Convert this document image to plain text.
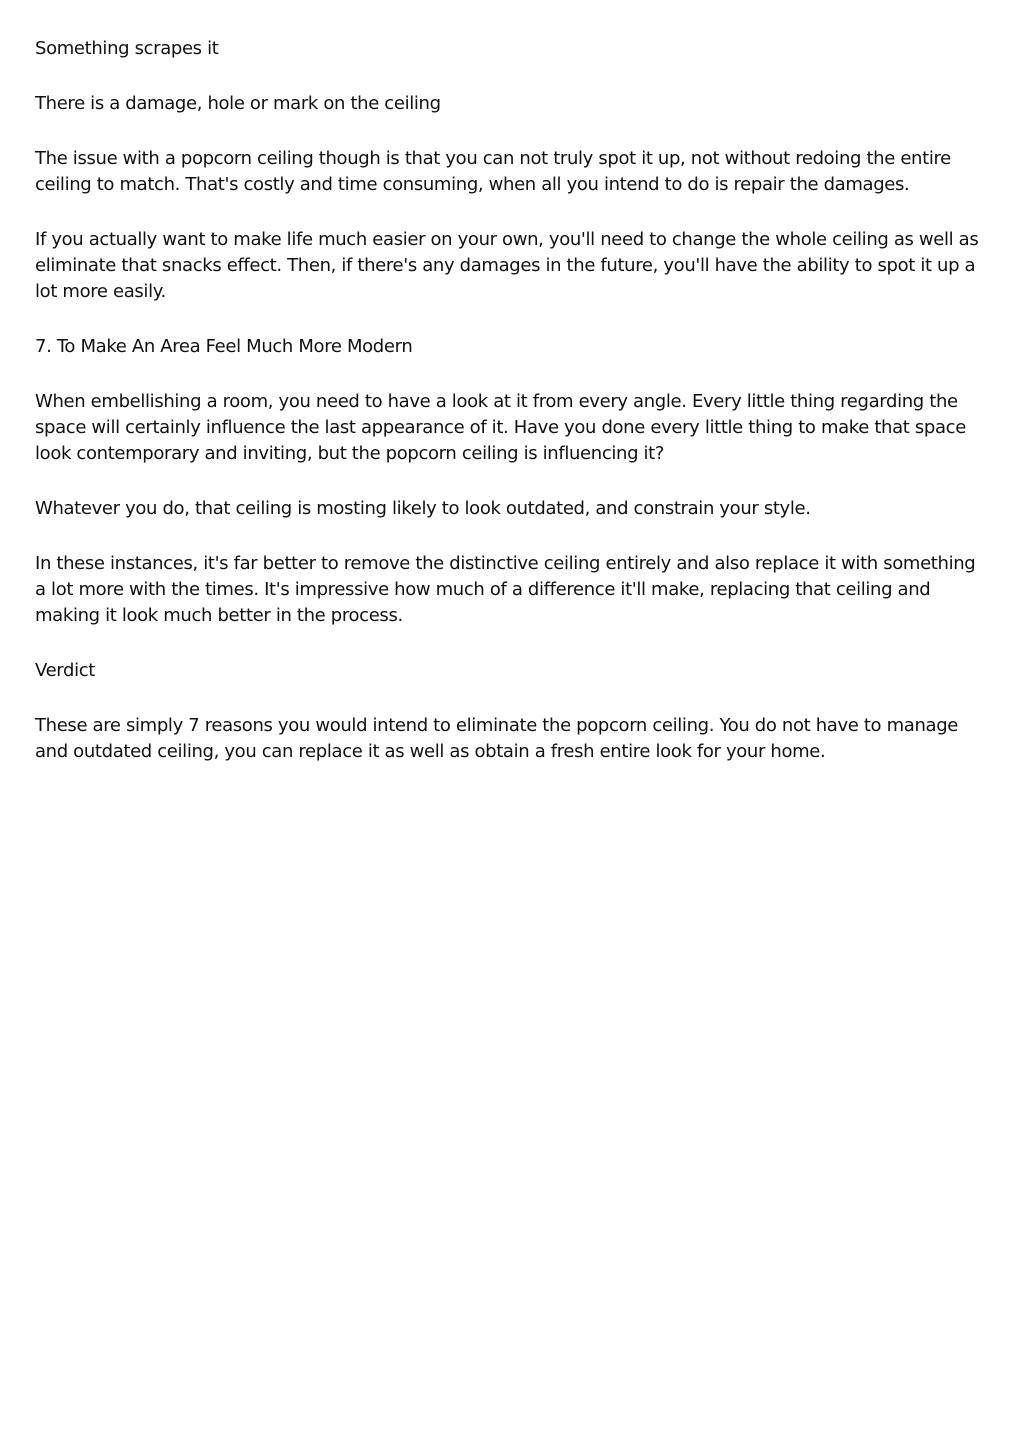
Something scrapes it

There is a damage, hole or mark on the ceiling

The issue with a popcorn ceiling though is that you can not truly spot it up, not without redoing the entire ceiling to match. That's costly and time consuming, when all you intend to do is repair the damages.

If you actually want to make life much easier on your own, you'll need to change the whole ceiling as well as eliminate that snacks effect. Then, if there's any damages in the future, you'll have the ability to spot it up a lot more easily.

7. To Make An Area Feel Much More Modern

When embellishing a room, you need to have a look at it from every angle. Every little thing regarding the space will certainly influence the last appearance of it. Have you done every little thing to make that space look contemporary and inviting, but the popcorn ceiling is influencing it?

Whatever you do, that ceiling is mosting likely to look outdated, and constrain your style.

In these instances, it's far better to remove the distinctive ceiling entirely and also replace it with something a lot more with the times. It's impressive how much of a difference it'll make, replacing that ceiling and making it look much better in the process.

Verdict

These are simply 7 reasons you would intend to eliminate the popcorn ceiling. You do not have to manage and outdated ceiling, you can replace it as well as obtain a fresh entire look for your home.
